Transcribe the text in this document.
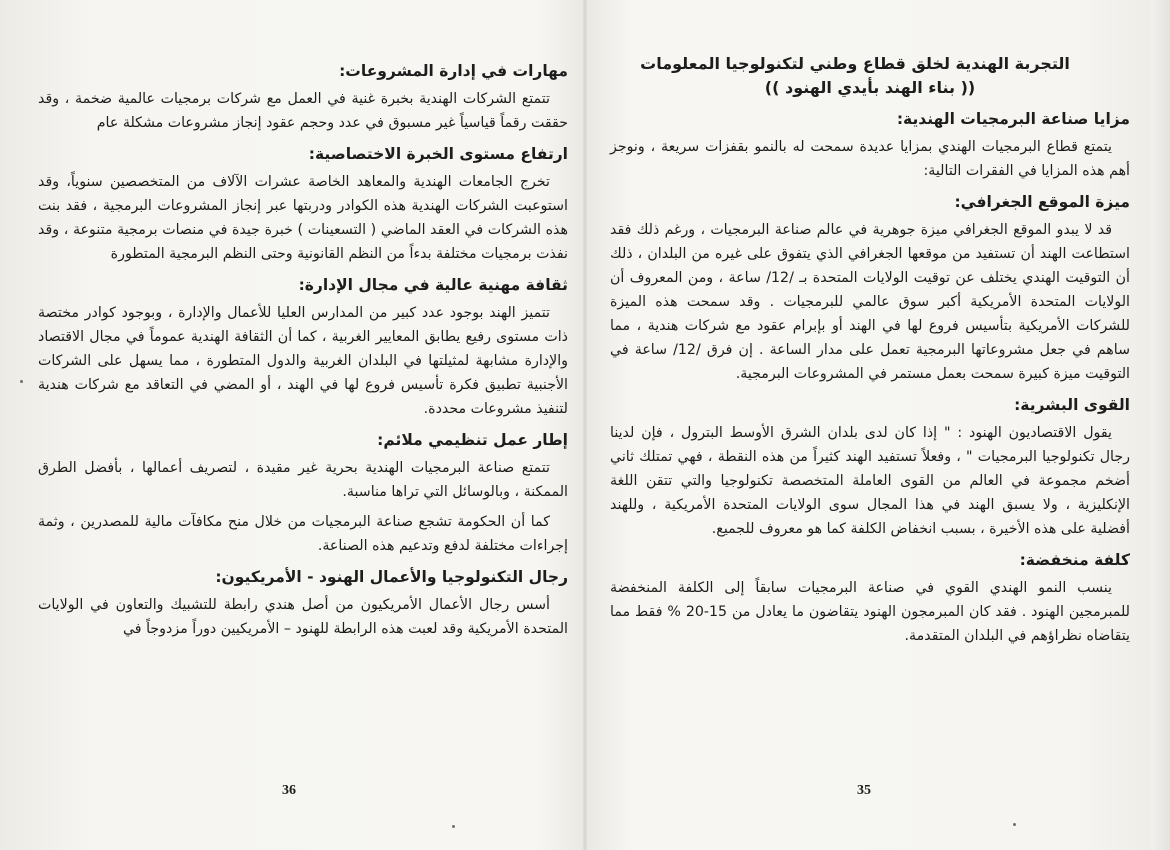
مهارات في إدارة المشروعات:

تتمتع الشركات الهندية بخبرة غنية في العمل مع شركات برمجيات عالمية ضخمة ، وقد حققت رقماً قياسياً غير مسبوق في عدد وحجم عقود إنجاز مشروعات مشكلة عام

ارتفاع مستوى الخبرة الاختصاصية:

تخرج الجامعات الهندية والمعاهد الخاصة عشرات الآلاف من المتخصصين سنوياً، وقد استوعبت الشركات الهندية هذه الكوادر ودربتها عبر إنجاز المشروعات البرمجية ، فقد بنت هذه الشركات في العقد الماضي ( التسعينات ) خبرة جيدة في منصات برمجية متنوعة ، وقد نفذت برمجيات مختلفة بدءاً من النظم القانونية وحتى النظم البرمجية المتطورة

ثقافة مهنية عالية في مجال الإدارة:

تتميز الهند بوجود عدد كبير من المدارس العليا للأعمال والإدارة ، وبوجود كوادر مختصة ذات مستوى رفيع يطابق المعايير الغربية ، كما أن الثقافة الهندية عموماً في مجال الاقتصاد والإدارة مشابهة لمثيلتها في البلدان الغربية والدول المتطورة ، مما يسهل على الشركات الأجنبية تطبيق فكرة تأسيس فروع لها في الهند ، أو المضي في التعاقد مع شركات هندية لتنفيذ مشروعات محددة.

إطار عمل تنظيمي ملائم:

تتمتع صناعة البرمجيات الهندية بحرية غير مقيدة ، لتصريف أعمالها ، بأفضل الطرق الممكنة ، وبالوسائل التي تراها مناسبة.

كما أن الحكومة تشجع صناعة البرمجيات من خلال منح مكافآت مالية للمصدرين ، وثمة إجراءات مختلفة لدفع وتدعيم هذه الصناعة.

رجال التكنولوجيا والأعمال الهنود - الأمريكيون:

أسس رجال الأعمال الأمريكيون من أصل هندي رابطة للتشبيك والتعاون في الولايات المتحدة الأمريكية وقد لعبت هذه الرابطة للهنود – الأمريكيين دوراً مزدوجاً في

36
التجربة الهندية لخلق قطاع وطني لتكنولوجيا المعلومات
(( بناء الهند بأيدي الهنود ))
مزايا صناعة البرمجيات الهندية:

يتمتع قطاع البرمجيات الهندي بمزايا عديدة سمحت له بالنمو بقفزات سريعة ، ونوجز أهم هذه المزايا في الفقرات التالية:

ميزة الموقع الجغرافي:

قد لا يبدو الموقع الجغرافي ميزة جوهرية في عالم صناعة البرمجيات ، ورغم ذلك فقد استطاعت الهند أن تستفيد من موقعها الجغرافي الذي يتفوق على غيره من البلدان ، ذلك أن التوقيت الهندي يختلف عن توقيت الولايات المتحدة بـ /12/ ساعة ، ومن المعروف أن الولايات المتحدة الأمريكية أكبر سوق عالمي للبرمجيات . وقد سمحت هذه الميزة للشركات الأمريكية بتأسيس فروع لها في الهند أو بإبرام عقود مع شركات هندية ، مما ساهم في جعل مشروعاتها البرمجية تعمل على مدار الساعة . إن فرق /12/ ساعة في التوقيت ميزة كبيرة سمحت بعمل مستمر في المشروعات البرمجية.

القوى البشرية:

يقول الاقتصاديون الهنود : " إذا كان لدى بلدان الشرق الأوسط البترول ، فإن لدينا رجال تكنولوجيا البرمجيات " ، وفعلاً تستفيد الهند كثيراً من هذه النقطة ، فهي تمتلك ثاني أضخم مجموعة في العالم من القوى العاملة المتخصصة تكنولوجيا والتي تتقن اللغة الإنكليزية ، ولا يسبق الهند في هذا المجال سوى الولايات المتحدة الأمريكية ، وللهند أفضلية على هذه الأخيرة ، بسبب انخفاض الكلفة كما هو معروف للجميع.

كلفة منخفضة:

ينسب النمو الهندي القوي في صناعة البرمجيات سابقاً إلى الكلفة المنخفضة للمبرمجين الهنود . فقد كان المبرمجون الهنود يتقاضون ما يعادل من 15-20 % فقط مما يتقاضاه نظراؤهم في البلدان المتقدمة.

35
